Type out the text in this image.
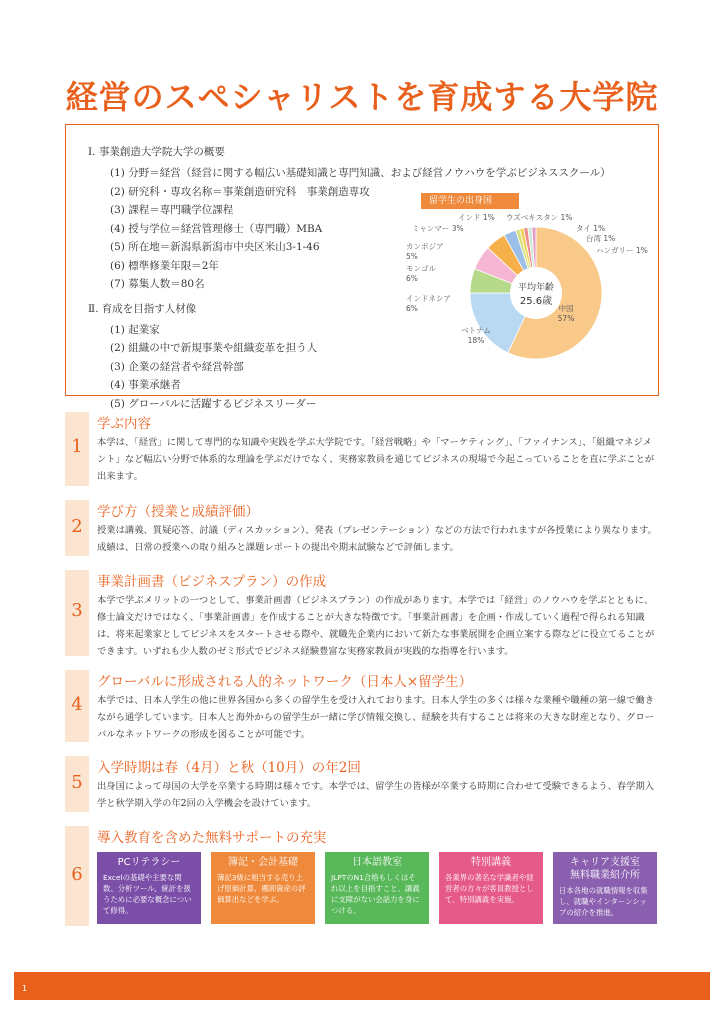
経営のスペシャリストを育成する大学院
Ⅰ. 事業創造大学院大学の概要
(1) 分野＝経営（経営に関する幅広い基礎知識と専門知識、および経営ノウハウを学ぶビジネススクール）
(2) 研究科・専攻名称＝事業創造研究科　事業創造専攻
(3) 課程＝専門職学位課程
(4) 授与学位＝経営管理修士（専門職）MBA
(5) 所在地＝新潟県新潟市中央区米山3-1-46
(6) 標準修業年限＝2年
(7) 募集人数＝80名
Ⅱ. 育成を目指す人材像
(1) 起業家
(2) 組織の中で新規事業や組織変革を担う人
(3) 企業の経営者や経営幹部
(4) 事業承継者
(5) グローバルに活躍するビジネスリーダー
留学生の出身国
平均年齢
25.6歳
中国
57%
ベトナム
18%
インドネシア
6%
モンゴル
6%
カンボジア
5%
ミャンマー 3%
インド 1% ウズベキスタン 1%
タイ 1%
台湾 1%
ハンガリー 1%
1
学ぶ内容
本学は、「経営」に関して専門的な知識や実践を学ぶ大学院です。「経営戦略」や「マーケティング」、「ファイナンス」、「組織マネジメント」など幅広い分野で体系的な理論を学ぶだけでなく、実務家教員を通じてビジネスの現場で今起こっていることを直に学ぶことが出来ます。
2
学び方（授業と成績評価）
授業は講義、質疑応答、討議（ディスカッション）、発表（プレゼンテーション）などの方法で行われますが各授業により異なります。成績は、日常の授業への取り組みと課題レポートの提出や期末試験などで評価します。
3
事業計画書（ビジネスプラン）の作成
本学で学ぶメリットの一つとして、事業計画書（ビジネスプラン）の作成があります。本学では「経営」のノウハウを学ぶとともに、修士論文だけではなく、「事業計画書」を作成することが大きな特徴です。「事業計画書」を企画・作成していく過程で得られる知識は、将来起業家としてビジネスをスタートさせる際や、就職先企業内において新たな事業展開を企画立案する際などに役立てることができます。いずれも少人数のゼミ形式でビジネス経験豊富な実務家教員が実践的な指導を行います。
4
グローバルに形成される人的ネットワーク（日本人×留学生）
本学では、日本人学生の他に世界各国から多くの留学生を受け入れております。日本人学生の多くは様々な業種や職種の第一線で働きながら通学しています。日本人と海外からの留学生が一緒に学び情報交換し、経験を共有することは将来の大きな財産となり、グローバルなネットワークの形成を図ることが可能です。
5
入学時期は春（4月）と秋（10月）の年2回
出身国によって母国の大学を卒業する時期は様々です。本学では、留学生の皆様が卒業する時期に合わせて受験できるよう、春学期入学と秋学期入学の年2回の入学機会を設けています。
6
導入教育を含めた無料サポートの充実
PCリテラシー
Excelの基礎や主要な関数、分析ツール、統計を扱うために必要な概念について修得。
簿記・会計基礎
簿記3級に相当する売り上げ原価計算、棚卸資産の評価算出などを学ぶ。
日本語教室
JLPTのN1合格もしくはそれ以上を目指すこと、講義に支障がない会話力を身につける。
特別講義
各業界の著名な学識者や経営者の方々が客員教授として、特別講義を実施。
キャリア支援室
無料職業紹介所
日本各地の就職情報を収集し、就職やインターンシップの紹介を推進。
1
